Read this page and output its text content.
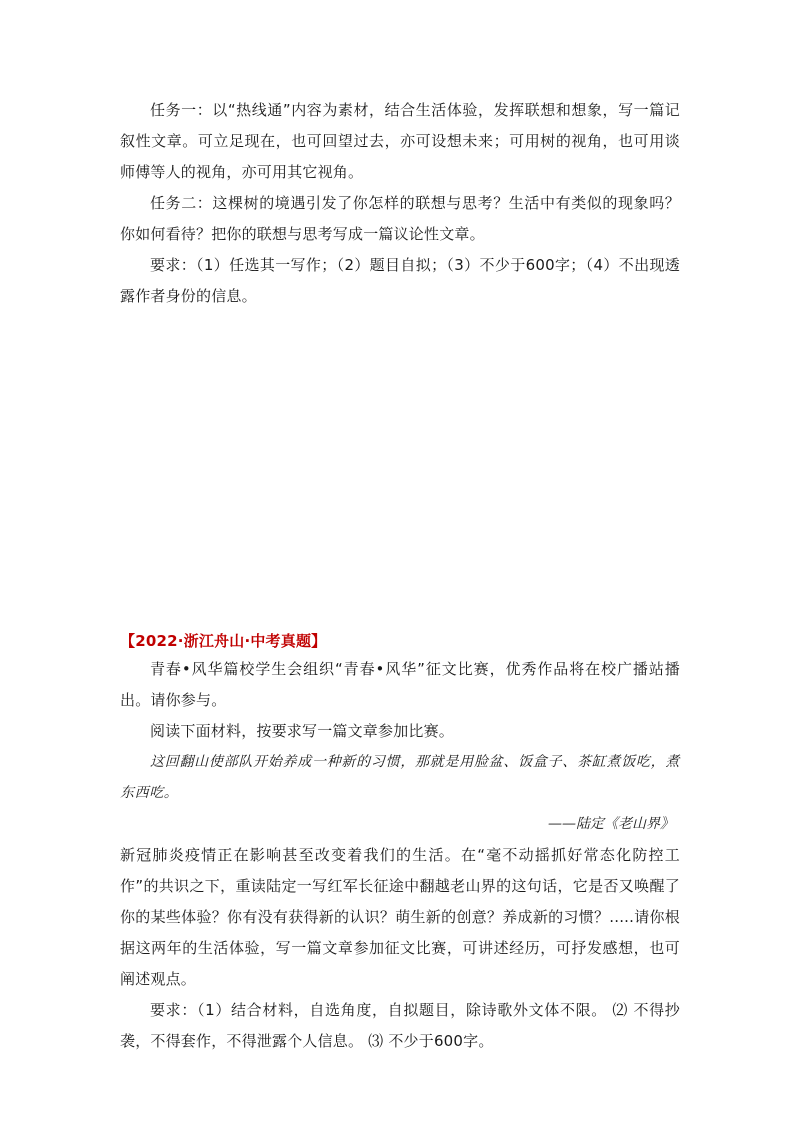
任务一：以“热线通”内容为素材，结合生活体验，发挥联想和想象，写一篇记叙性文章。可立足现在，也可回望过去，亦可设想未来；可用树的视角，也可用谈师傅等人的视角，亦可用其它视角。

任务二：这棵树的境遇引发了你怎样的联想与思考？生活中有类似的现象吗？你如何看待？把你的联想与思考写成一篇议论性文章。

要求：（1）任选其一写作；（2）题目自拟；（3）不少于600字；（4）不出现透露作者身份的信息。

【2022·浙江舟山·中考真题】

青春•风华篇校学生会组织“青春•风华”征文比赛，优秀作品将在校广播站播出。请你参与。

阅读下面材料，按要求写一篇文章参加比赛。

这回翻山使部队开始养成一种新的习惯，那就是用脸盆、饭盒子、茶缸煮饭吃，煮东西吃。

——陆定《老山界》

新冠肺炎疫情正在影响甚至改变着我们的生活。在“毫不动摇抓好常态化防控工作”的共识之下，重读陆定一写红军长征途中翻越老山界的这句话，它是否又唤醒了你的某些体验？你有没有获得新的认识？萌生新的创意？养成新的习惯？.....请你根据这两年的生活体验，写一篇文章参加征文比赛，可讲述经历，可抒发感想，也可阐述观点。

要求：（1）结合材料，自选角度，自拟题目，除诗歌外文体不限。 ⑵ 不得抄袭，不得套作，不得泄露个人信息。 ⑶ 不少于600字。
